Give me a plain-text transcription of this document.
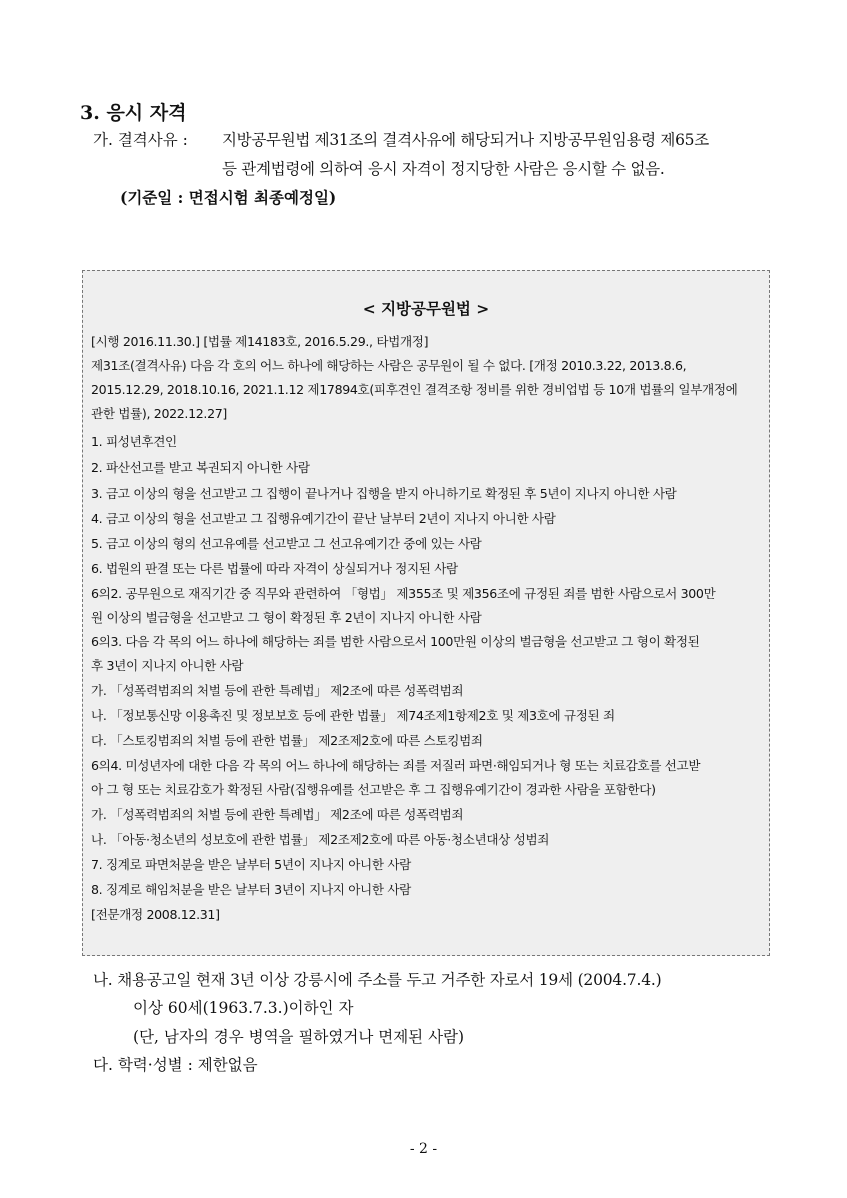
3. 응시 자격
가. 결격사유 : 지방공무원법 제31조의 결격사유에 해당되거나 지방공무원임용령 제65조
등 관계법령에 의하여 응시 자격이 정지당한 사람은 응시할 수 없음.
(기준일 : 면접시험 최종예정일)
< 지방공무원법 >
[시행 2016.11.30.] [법률 제14183호, 2016.5.29., 타법개정]
제31조(결격사유) 다음 각 호의 어느 하나에 해당하는 사람은 공무원이 될 수 없다. [개정 2010.3.22, 2013.8.6,
2015.12.29, 2018.10.16, 2021.1.12 제17894호(피후견인 결격조항 정비를 위한 경비업법 등 10개 법률의 일부개정에
관한 법률), 2022.12.27]
1. 피성년후견인
2. 파산선고를 받고 복권되지 아니한 사람
3. 금고 이상의 형을 선고받고 그 집행이 끝나거나 집행을 받지 아니하기로 확정된 후 5년이 지나지 아니한 사람
4. 금고 이상의 형을 선고받고 그 집행유예기간이 끝난 날부터 2년이 지나지 아니한 사람
5. 금고 이상의 형의 선고유예를 선고받고 그 선고유예기간 중에 있는 사람
6. 법원의 판결 또는 다른 법률에 따라 자격이 상실되거나 정지된 사람
6의2. 공무원으로 재직기간 중 직무와 관련하여 「형법」 제355조 및 제356조에 규정된 죄를 범한 사람으로서 300만
원 이상의 벌금형을 선고받고 그 형이 확정된 후 2년이 지나지 아니한 사람
6의3. 다음 각 목의 어느 하나에 해당하는 죄를 범한 사람으로서 100만원 이상의 벌금형을 선고받고 그 형이 확정된
후 3년이 지나지 아니한 사람
가. 「성폭력범죄의 처벌 등에 관한 특례법」 제2조에 따른 성폭력범죄
나. 「정보통신망 이용촉진 및 정보보호 등에 관한 법률」 제74조제1항제2호 및 제3호에 규정된 죄
다. 「스토킹범죄의 처벌 등에 관한 법률」 제2조제2호에 따른 스토킹범죄
6의4. 미성년자에 대한 다음 각 목의 어느 하나에 해당하는 죄를 저질러 파면·해임되거나 형 또는 치료감호를 선고받
아 그 형 또는 치료감호가 확정된 사람(집행유예를 선고받은 후 그 집행유예기간이 경과한 사람을 포함한다)
가. 「성폭력범죄의 처벌 등에 관한 특례법」 제2조에 따른 성폭력범죄
나. 「아동·청소년의 성보호에 관한 법률」 제2조제2호에 따른 아동·청소년대상 성범죄
7. 징계로 파면처분을 받은 날부터 5년이 지나지 아니한 사람
8. 징계로 해임처분을 받은 날부터 3년이 지나지 아니한 사람
[전문개정 2008.12.31]
나. 채용공고일 현재 3년 이상 강릉시에 주소를 두고 거주한 자로서 19세 (2004.7.4.)
이상 60세(1963.7.3.)이하인 자
(단, 남자의 경우 병역을 필하였거나 면제된 사람)
다. 학력·성별 : 제한없음
- 2 -
